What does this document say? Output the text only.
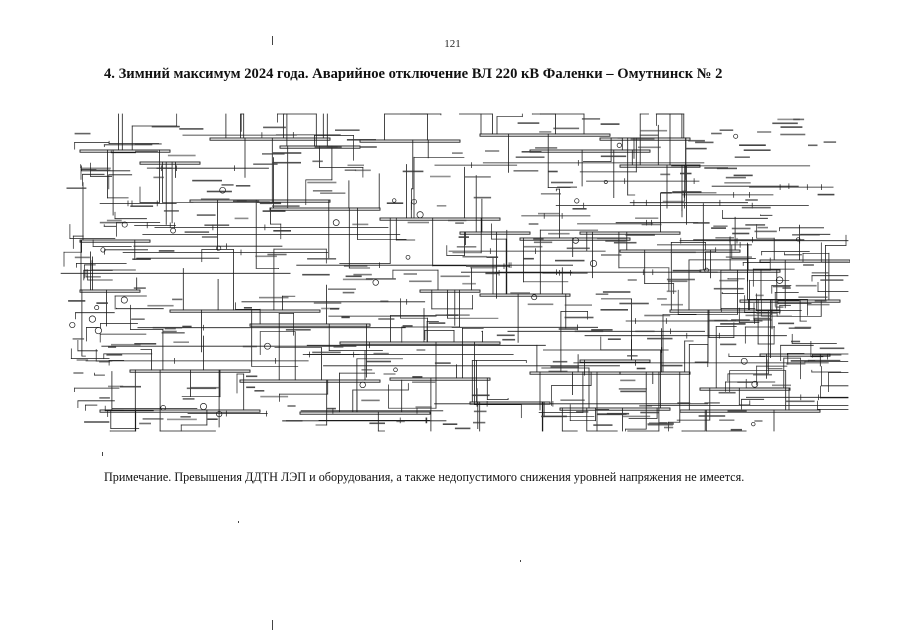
121
4. Зимний максимум 2024 года. Аварийное отключение ВЛ 220 кВ Фаленки – Омутнинск № 2
Примечание. Превышения ДДТН ЛЭП и оборудования, а также недопустимого снижения уровней напряжения не имеется.
